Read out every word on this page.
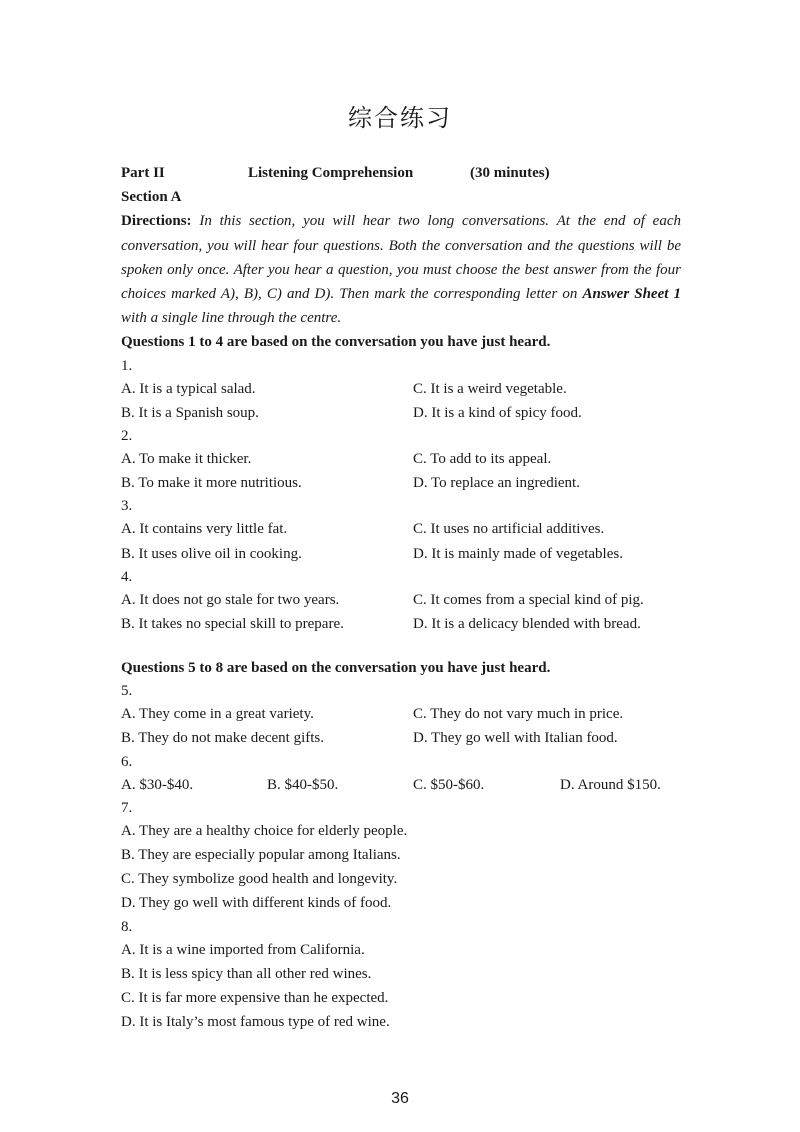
综合练习
Part II	Listening Comprehension	(30 minutes)
Section A
Directions: In this section, you will hear two long conversations. At the end of each conversation, you will hear four questions. Both the conversation and the questions will be spoken only once. After you hear a question, you must choose the best answer from the four choices marked A), B), C) and D). Then mark the corresponding letter on Answer Sheet 1 with a single line through the centre.
Questions 1 to 4 are based on the conversation you have just heard.
1.
A. It is a typical salad.	C. It is a weird vegetable.
B. It is a Spanish soup.	D. It is a kind of spicy food.
2.
A. To make it thicker.	C. To add to its appeal.
B. To make it more nutritious.	D. To replace an ingredient.
3.
A. It contains very little fat.	C. It uses no artificial additives.
B. It uses olive oil in cooking.	D. It is mainly made of vegetables.
4.
A. It does not go stale for two years.	C. It comes from a special kind of pig.
B. It takes no special skill to prepare.	D. It is a delicacy blended with bread.
Questions 5 to 8 are based on the conversation you have just heard.
5.
A. They come in a great variety.	C. They do not vary much in price.
B. They do not make decent gifts.	D. They go well with Italian food.
6.
A. $30-$40.	B. $40-$50.	C. $50-$60.	D. Around $150.
7.
A. They are a healthy choice for elderly people.
B. They are especially popular among Italians.
C. They symbolize good health and longevity.
D. They go well with different kinds of food.
8.
A. It is a wine imported from California.
B. It is less spicy than all other red wines.
C. It is far more expensive than he expected.
D. It is Italy’s most famous type of red wine.
36
